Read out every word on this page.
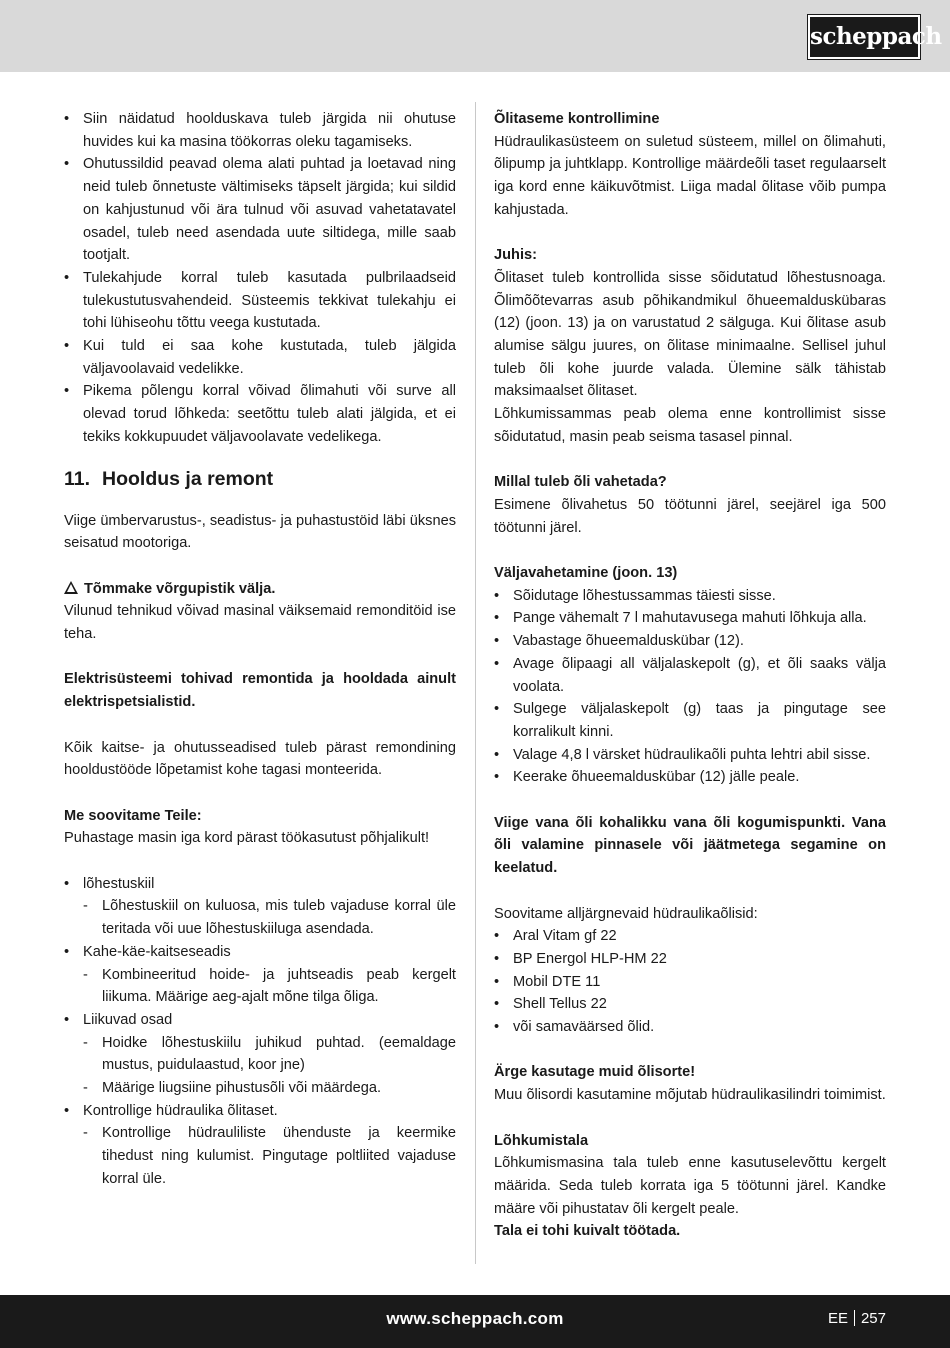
scheppach
• Siin näidatud hoolduskava tuleb järgida nii ohutuse huvides kui ka masina töökorras oleku tagamiseks.
• Ohutussildid peavad olema alati puhtad ja loetavad ning neid tuleb õnnetuste vältimiseks täpselt järgida; kui sildid on kahjustunud või ära tulnud või asuvad vahetatavatel osadel, tuleb need asendada uute siltidega, mille saab tootjalt.
• Tulekahjude korral tuleb kasutada pulbrilaadseid tulekustutusvahendeid. Süsteemis tekkivat tulekahju ei tohi lühiseohu tõttu veega kustutada.
• Kui tuld ei saa kohe kustutada, tuleb jälgida väljavoolavaid vedelikke.
• Pikema põlengu korral võivad õlimahuti või surve all olevad torud lõhkeda: seetõttu tuleb alati jälgida, et ei tekiks kokkupuudet väljavoolavate vedelikega.
11. Hooldus ja remont

Viige ümbervarustus-, seadistus- ja puhastustöid läbi üksnes seisatud mootoriga.

Tõmmake võrgupistik välja.

Vilunud tehnikud võivad masinal väiksemaid remonditöid ise teha.

Elektrisüsteemi tohivad remontida ja hooldada ainult elektrispetsialistid.

Kõik kaitse- ja ohutusseadised tuleb pärast remondining hooldustööde lõpetamist kohe tagasi monteerida.

Me soovitame Teile:

Puhastage masin iga kord pärast töökasutust põhjalikult!

• lõhestuskiil
- Lõhestuskiil on kuluosa, mis tuleb vajaduse korral üle teritada või uue lõhestuskiiluga asendada.
• Kahe-käe-kaitseseadis
- Kombineeritud hoide- ja juhtseadis peab kergelt liikuma. Määrige aeg-ajalt mõne tilga õliga.
• Liikuvad osad
- Hoidke lõhestuskiilu juhikud puhtad. (eemaldage mustus, puidulaastud, koor jne)
- Määrige liugsiine pihustusõli või määrdega.
• Kontrollige hüdraulika õlitaset.
- Kontrollige hüdrauliliste ühenduste ja keermike tihedust ning kulumist. Pingutage poltliited vajaduse korral üle.

Õlitaseme kontrollimine

Hüdraulikasüsteem on suletud süsteem, millel on õlimahuti, õlipump ja juhtklapp. Kontrollige määrdeõli taset regulaarselt iga kord enne käikuvõtmist. Liiga madal õlitase võib pumpa kahjustada.

Juhis:

Õlitaset tuleb kontrollida sisse sõidutatud lõhestusnoaga. Õlimõõtevarras asub põhikandmikul õhueemalduskübaras (12) (joon. 13) ja on varustatud 2 sälguga. Kui õlitase asub alumise sälgu juures, on õlitase minimaalne. Sellisel juhul tuleb õli kohe juurde valada. Ülemine sälk tähistab maksimaalset õlitaset.

Lõhkumissammas peab olema enne kontrollimist sisse sõidutatud, masin peab seisma tasasel pinnal.

Millal tuleb õli vahetada?

Esimene õlivahetus 50 töötunni järel, seejärel iga 500 töötunni järel.

Väljavahetamine (joon. 13)

• Sõidutage lõhestussammas täiesti sisse.
• Pange vähemalt 7 l mahutavusega mahuti lõhkuja alla.
• Vabastage õhueemalduskübar (12).
• Avage õlipaagi all väljalaskepolt (g), et õli saaks välja voolata.
• Sulgege väljalaskepolt (g) taas ja pingutage see korralikult kinni.
• Valage 4,8 l värsket hüdraulikaõli puhta lehtri abil sisse.
• Keerake õhueemalduskübar (12) jälle peale.

Viige vana õli kohalikku vana õli kogumispunkti. Vana õli valamine pinnasele või jäätmetega segamine on keelatud.

Soovitame alljärgnevaid hüdraulikaõlisid:

• Aral Vitam gf 22
• BP Energol HLP-HM 22
• Mobil DTE 11
• Shell Tellus 22
• või samaväärsed õlid.

Ärge kasutage muid õlisorte!

Muu õlisordi kasutamine mõjutab hüdraulikasilindri toimimist.

Lõhkumistala

Lõhkumismasina tala tuleb enne kasutuselevõttu kergelt määrida. Seda tuleb korrata iga 5 töötunni järel. Kandke määre või pihustatav õli kergelt peale.

Tala ei tohi kuivalt töötada.

www.scheppach.com	EE 257
